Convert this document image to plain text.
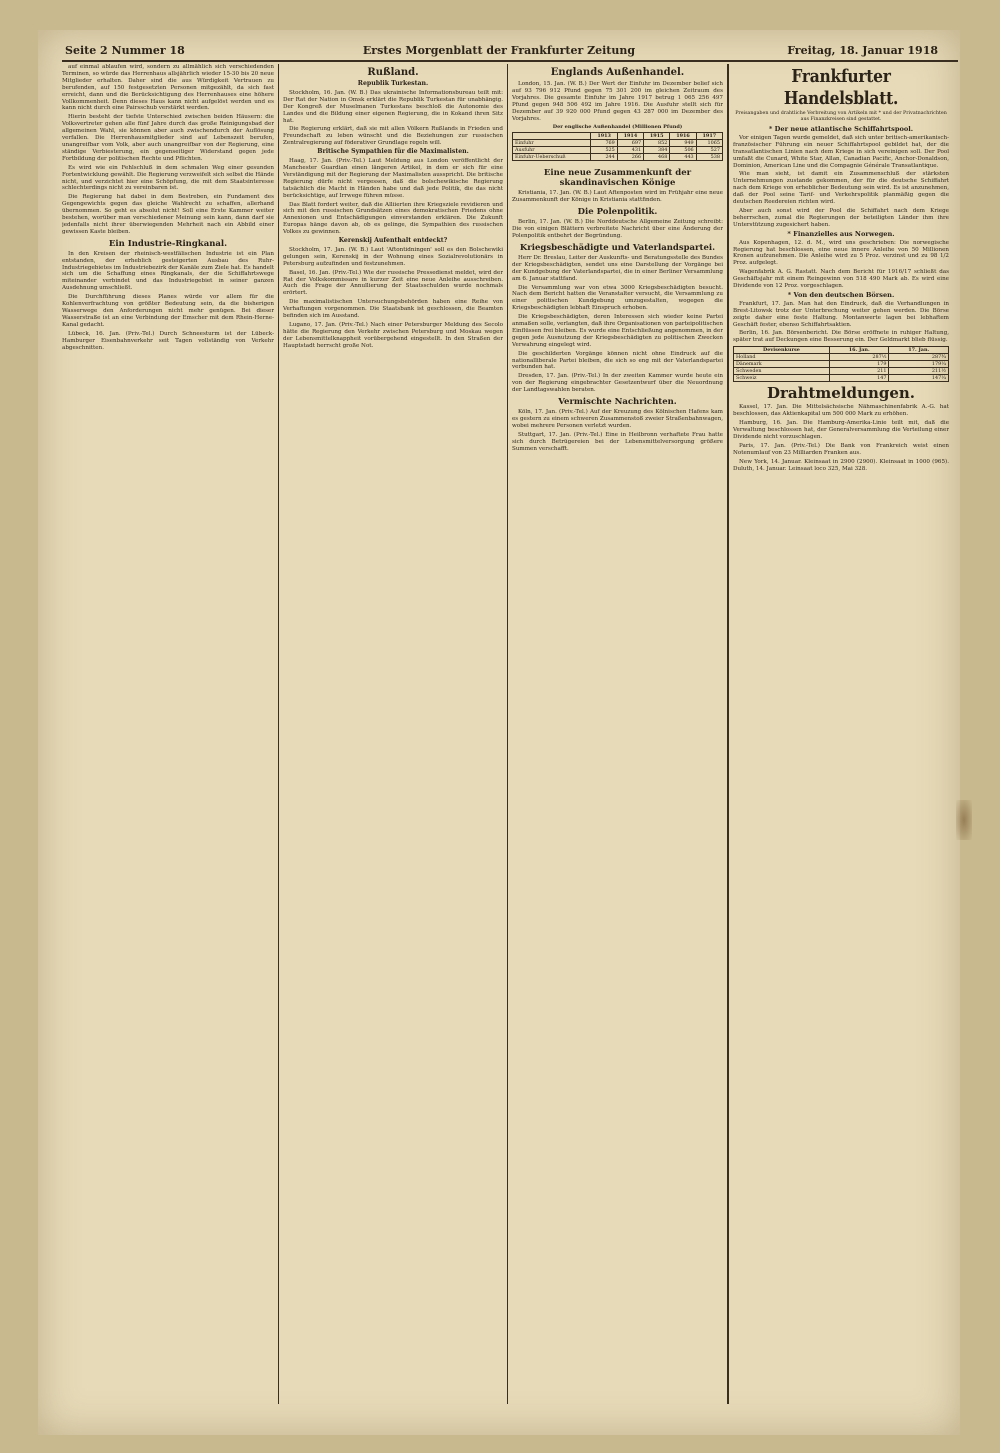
Seite 2 Nummer 18	Erstes Morgenblatt der Frankfurter Zeitung	Freitag, 18. Januar 1918

auf einmal ablaufen wird, sondern zu allmählich sich verschiedenden Terminen, so würde das Herrenhaus allsjährlich wieder 15-30 bis 20 neue Mitglieder erhalten. Daher sind die aus Würdigkeit Vertrauen zu berufenden, auf 150 festgesetzten Personen mitgezählt, da sich fast erreicht, dann und die Berücksichtigung des Herrenhauses eine höhere Vollkommenheit. Denn dieses Haus kann nicht aufgelöst werden und es kann nicht durch eine Pairsschub verstärkt werden.

Hierin besteht der tiefste Unterschied zwischen beiden Häusern: die Volksvertreter gehen alle fünf Jahre durch das große Reinigungsbad der allgemeinen Wahl, sie können aber auch zwischendurch der Auflösung verfallen. Die Herrenhausmitglieder sind auf Lebenszeit berufen, unangreifbar vom Volk, aber auch unangreifbar von der Regierung, eine ständige Verbiesterung, ein gegenseitiger Widerstand gegen jede Fortbildung der politischen Rechte und Pflichten.

Es wird wie ein Fehlschluß in dem schmalen Weg einer gesunden Fortentwicklung gewählt. Die Regierung verzweifelt sich selbst die Hände nicht, und verzichtet hier eine Schöpfung, die mit dem Staatsinteresse schlechterdings nicht zu vereinbaren ist.

Die Regierung hat dabei in dem Bestreben, ein Fundament des Gegengewichts gegen das gleiche Wahlrecht zu schaffen, allerhand übernommen. So geht es absolut nicht! Soll eine Erste Kammer weiter bestehen, worüber man verschiedener Meinung sein kann, dann darf sie jedenfalls nicht ihrer überwiegenden Mehrheit nach ein Abbild einer gewissen Kaste bleiben.

Ein Industrie-Ringkanal.

In den Kreisen der rheinisch-westfälischen Industrie ist ein Plan entstanden, der erheblich gesteigerten Ausbau des Ruhr-Industriegebietes im Industriebezirk der Kanäle zum Ziele hat. Es handelt sich um die Schaffung eines Ringkanals, der die Schiffahrtswege miteinander verbindet und das Industriegebiet in seiner ganzen Ausdehnung umschließt.

Die Durchführung dieses Planes würde vor allem für die Kohlenverfrachtung von größter Bedeutung sein, da die bisherigen Wasserwege den Anforderungen nicht mehr genügen. Bei dieser Wasserstraße ist an eine Verbindung der Emscher mit dem Rhein-Herne-Kanal gedacht.

Lübeck, 16. Jan. (Priv.-Tel.) Durch Schneesturm ist der Lübeck-Hamburger Eisenbahnverkehr seit Tagen vollständig von Verkehr abgeschnitten.

Rußland.
Republik Turkestan.

Stockholm, 16. Jan. (W. B.) Das ukrainische Informationsbureau teilt mit: Der Rat der Nation in Omsk erklärt die Republik Turkestan für unabhängig. Der Kongreß der Muselmanen Turkestans beschloß die Autonomie des Landes und die Bildung einer eigenen Regierung, die in Kokand ihren Sitz hat.

Die Regierung erklärt, daß sie mit allen Völkern Rußlands in Frieden und Freundschaft zu leben wünscht und die Beziehungen zur russischen Zentralregierung auf föderativer Grundlage regeln will.

Britische Sympathien für die Maximalisten.

Haag, 17. Jan. (Priv.-Tel.) Laut Meldung aus London veröffentlicht der Manchester Guardian einen längeren Artikel, in dem er sich für eine Verständigung mit der Regierung der Maximalisten ausspricht. Die britische Regierung dürfe nicht vergessen, daß die bolschewikische Regierung tatsächlich die Macht in Händen habe und daß jede Politik, die das nicht berücksichtige, auf Irrwege führen müsse.

Das Blatt fordert weiter, daß die Alliierten ihre Kriegsziele revidieren und sich mit den russischen Grundsätzen eines demokratischen Friedens ohne Annexionen und Entschädigungen einverstanden erklären. Die Zukunft Europas hänge davon ab, ob es gelinge, die Sympathien des russischen Volkes zu gewinnen.

Kerenskij Aufenthalt entdeckt?

Stockholm, 17. Jan. (W. B.) Laut 'Aftontidningen' soll es den Bolschewiki gelungen sein, Kerenskij in der Wohnung eines Sozialrevolutionärs in Petersburg aufzufinden und festzunehmen.

Basel, 16. Jan. (Priv.-Tel.) Wie der russische Pressedienst meldet, wird der Rat der Volkskommissare in kurzer Zeit eine neue Anleihe ausschreiben. Auch die Frage der Annullierung der Staatsschulden wurde nochmals erörtert.

Die maximalistischen Untersuchungsbehörden haben eine Reihe von Verhaftungen vorgenommen. Die Staatsbank ist geschlossen, die Beamten befinden sich im Ausstand.

Lugano, 17. Jan. (Priv.-Tel.) Nach einer Petersburger Meldung des Secolo hätte die Regierung den Verkehr zwischen Petersburg und Moskau wegen der Lebensmittelknappheit vorübergehend eingestellt. In den Straßen der Hauptstadt herrscht große Not.

Englands Außenhandel.

London, 15. Jan. (W. B.) Der Wert der Einfuhr im Dezember belief sich auf 93 796 912 Pfund gegen 75 301 200 im gleichen Zeitraum des Vorjahres. Die gesamte Einfuhr im Jahre 1917 betrug 1 065 256 497 Pfund gegen 948 506 492 im Jahre 1916. Die Ausfuhr stellt sich für Dezember auf 39 920 000 Pfund gegen 43 287 000 im Dezember des Vorjahres.

Der englische Außenhandel (Millionen Pfund)
	1913	1914	1915	1916	1917
Einfuhr	769	697	852	949	1065
Ausfuhr	525	431	384	506	527
Einfuhr-Ueberschuß	244	266	468	443	538
Eine neue Zusammenkunft der skandinavischen Könige

Kristiania, 17. Jan. (W. B.) Laut Aftenposten wird im Frühjahr eine neue Zusammenkunft der Könige in Kristiania stattfinden.

Die Polenpolitik.

Berlin, 17. Jan. (W. B.) Die Norddeutsche Allgemeine Zeitung schreibt: Die von einigen Blättern verbreitete Nachricht über eine Änderung der Polenpolitik entbehrt der Begründung.

Kriegsbeschädigte und Vaterlandspartei.

Herr Dr. Breslau, Leiter der Auskunfts- und Beratungsstelle des Bundes der Kriegsbeschädigten, sendet uns eine Darstellung der Vorgänge bei der Kundgebung der Vaterlandspartei, die in einer Berliner Versammlung am 6. Januar stattfand.

Die Versammlung war von etwa 3000 Kriegsbeschädigten besucht. Nach dem Bericht hatten die Veranstalter versucht, die Versammlung zu einer politischen Kundgebung umzugestalten, wogegen die Kriegsbeschädigten lebhaft Einspruch erhoben.

Die Kriegsbeschädigten, deren Interessen sich wieder keine Partei anmaßen solle, verlangten, daß ihre Organisationen von parteipolitischen Einflüssen frei bleiben. Es wurde eine Entschließung angenommen, in der gegen jede Ausnutzung der Kriegsbeschädigten zu politischen Zwecken Verwahrung eingelegt wird.

Die geschilderten Vorgänge können nicht ohne Eindruck auf die nationalliberale Partei bleiben, die sich so eng mit der Vaterlandspartei verbunden hat.

Dresden, 17. Jan. (Priv.-Tel.) In der zweiten Kammer wurde heute ein von der Regierung eingebrachter Gesetzentwurf über die Neuordnung der Landtagswahlen beraten.

Vermischte Nachrichten.

Köln, 17. Jan. (Priv.-Tel.) Auf der Kreuzung des Kölnischen Hafens kam es gestern zu einem schweren Zusammenstoß zweier Straßenbahnwagen, wobei mehrere Personen verletzt wurden.

Stuttgart, 17. Jan. (Priv.-Tel.) Eine in Heilbronn verhaftete Frau hatte sich durch Betrügereien bei der Lebensmittelversorgung größere Summen verschafft.

Frankfurter Handelsblatt.
Preisangaben und drahtliche Verbreitung von Artikeln mit * und der Privatnachrichten aus Finanzkreisen sind gestattet.
* Der neue atlantische Schiffahrtspool.

Vor einigen Tagen wurde gemeldet, daß sich unter britisch-amerikanisch-französischer Führung ein neuer Schiffahrtspool gebildet hat, der die transatlantischen Linien nach dem Kriege in sich vereinigen soll. Der Pool umfaßt die Cunard, White Star, Allan, Canadian Pacific, Anchor-Donaldson, Dominion, American Line und die Compagnie Générale Transatlantique.

Wie man sieht, ist damit ein Zusammenschluß der stärksten Unternehmungen zustande gekommen, der für die deutsche Schiffahrt nach dem Kriege von erheblicher Bedeutung sein wird. Es ist anzunehmen, daß der Pool seine Tarif- und Verkehrspolitik planmäßig gegen die deutschen Reedereien richten wird.

Aber auch sonst wird der Pool die Schiffahrt nach dem Kriege beherrschen, zumal die Regierungen der beteiligten Länder ihm ihre Unterstützung zugesichert haben.

* Finanzielles aus Norwegen.

Aus Kopenhagen, 12. d. M., wird uns geschrieben: Die norwegische Regierung hat beschlossen, eine neue innere Anleihe von 50 Millionen Kronen aufzunehmen. Die Anleihe wird zu 5 Proz. verzinst und zu 98 1/2 Proz. aufgelegt.

Wagenfabrik A. G. Rastatt. Nach dem Bericht für 1916/17 schließt das Geschäftsjahr mit einem Reingewinn von 518 490 Mark ab. Es wird eine Dividende von 12 Proz. vorgeschlagen.

* Von den deutschen Börsen.

Frankfurt, 17. Jan. Man hat den Eindruck, daß die Verhandlungen in Brest-Litowsk trotz der Unterbrechung weiter gehen werden. Die Börse zeigte daher eine feste Haltung. Montanwerte lagen bei lebhaftem Geschäft fester, ebenso Schiffahrtsaktien.

Berlin, 16. Jan. Börsenbericht. Die Börse eröffnete in ruhiger Haltung, später trat auf Deckungen eine Besserung ein. Der Geldmarkt blieb flüssig.

Devisenkurse	16. Jan.	17. Jan.
Holland	287½	287¾
Dänemark	179	179¼
Schweden	211	211½
Schweiz	147	147¼
Drahtmeldungen.

Kassel, 17. Jan. Die Mittelsächsische Nähmaschinenfabrik A.-G. hat beschlossen, das Aktienkapital um 500 000 Mark zu erhöhen.

Hamburg, 16. Jan. Die Hamburg-Amerika-Linie teilt mit, daß die Verwaltung beschlossen hat, der Generalversammlung die Verteilung einer Dividende nicht vorzuschlagen.

Paris, 17. Jan. (Priv.-Tel.) Die Bank von Frankreich weist einen Notenumlauf von 23 Milliarden Franken aus.

New York, 14. Januar. Kleinsaat in 2900 (2900). Kleinsaat in 1000 (965). Duluth, 14. Januar. Leinsaat loco 325, Mai 328.
